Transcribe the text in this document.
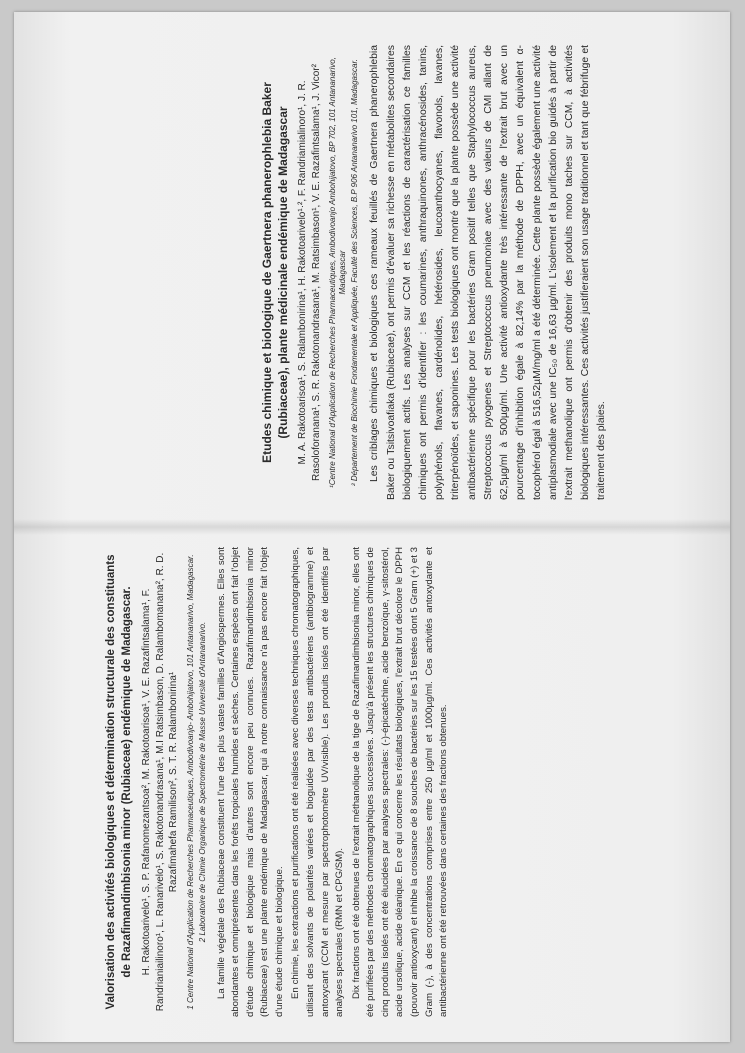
Valorisation des activités biologiques et détermination structurale des constituants de Razafimandimbisonia minor (Rubiaceae) endémique de Madagascar. H. Rakotoarivelo¹, S. P. Rafanomezantsoa², M. Rakotoarisoa¹, V. E. Razafintsalama¹, F. Randrianiailinoro¹, L. Ranarivelo¹, S. Rakotonandrasana¹, M.I Ratsimbason, D. Ralambomanana², R. D. Razafimahefa Ramilison², S. T. R. Ralambonirina¹ 1 Centre National d'Application de Recherches Pharmaceutiques, Ambodivoanjo- Ambohijatovo, 101 Antananarivo, Madagascar. 2 Laboratoire de Chimie Organique de Spectrométrie de Masse Université d'Antananarivo. La famille végétale des Rubiaceae constituent l'une des plus vastes familles d'Angiospermes. Elles sont abondantes et omniprésentes dans les forêts tropicales humides et sèches. Certaines espèces ont fait l'objet d'étude chimique et biologique mais d'autres sont encore peu connues. Razafimandimbisonia minor (Rubiaceae) est une plante endémique de Madagascar, qui à notre connaissance n'a pas encore fait l'objet d'une étude chimique et biologique. En chimie, les extractions et purifications ont été réalisées avec diverses techniques chromatographiques, utilisant des solvants de polarités variées et bioguidée par des tests antibactériens (antibiogramme) et antoxycant (CCM et mesure par spectrophotomètre UV/visible). Les produits isolés ont été identifiés par analyses spectrales (RMN et CPG/SM). Dix fractions ont été obtenues de l'extrait méthanolique de la tige de Razafimandimbisonia minor, elles ont été purifiées par des méthodes chromatographiques successives. Jusqu'à présent les structures chimiques de cinq produits isolés ont été élucidées par analyses spectrales: (-)-épicatéchine, acide benzoïque, γ-sitostérol, acide ursolique, acide oléanique. En ce qui concerne les résultats biologiques, l'extrait brut décolore le DPPH (pouvoir antioxycant) et inhibe la croissance de 8 souches de bactéries sur les 15 testées dont 5 Gram (+) et 3 Gram (-), à des concentrations comprises entre 250 µg/ml et 1000µg/ml. Ces activités antoxydante et antibactérienne ont été retrouvées dans certaines des fractions obtenues.

Etudes chimique et biologique de Gaertnera phanerophlebia Baker (Rubiaceae), plante médicinale endémique de Madagascar M. A. Rakotoarisoa¹, S. Ralambonirina¹, H. Rakotoarivelo¹·², F. Randriamialinoro¹, J. R. Rasoloforanana¹, S. R. Rakotonandrasana¹, M. Ratsimbason¹, V. E. Razafintsalama¹, J. Vicor² ¹Centre National d'Application de Recherches Pharmaceutiques, Ambodivoanjo Ambohijatovo, BP 702, 101 Antananarivo, Madagascar ² Département de Biochimie Fondamentale et Appliquée, Faculté des Sciences, B.P 906 Antananarivo 101, Madagascar. Les criblages chimiques et biologiques ces rameaux feuillés de Gaertnera phanerophlebia Baker ou Tsitsivoafiaka (Rubiaceae), ont permis d'évaluer sa richesse en métabolites secondaires biologiquement actifs. Les analyses sur CCM et les réactions de caractérisation ce familles chimiques ont permis d'identifier : les coumarines, anthraquinones, anthracénosides, tanins, polyphénols, flavanes, cardénolides, hétérosides, leucoanthocyanes, flavonols, lavanes, triterpénoïdes, et saponines. Les tests biologiques ont montré que la plante possède une activité antibactérienne spécifique pour les bactéries Gram positif telles que Staphylococcus aureus, Streptococcus pyogenes et Streptococcus pneumoniae avec des valeurs de CMI allant de 62,5µg/ml à 500µg/ml. Une activité antioxydante très intéressante de l'extrait brut avec un pourcentage d'inhibition égale à 82,14% par la méthode de DPPH, avec un équivalent α-tocophérol égal à 516,52µM/mg/ml a été déterminée. Cette plante possède également une activité antiplasmodiale avec une IC₅₀ de 16,63 µg/ml. L'isolement et la purification bio guidés à partir de l'extrait methanolique ont permis d'obtenir des produits mono taches sur CCM, à activités biologiques intéressantes. Ces activités justifieraient son usage traditionnel et tant que fébrifuge et traitement des plaies.
